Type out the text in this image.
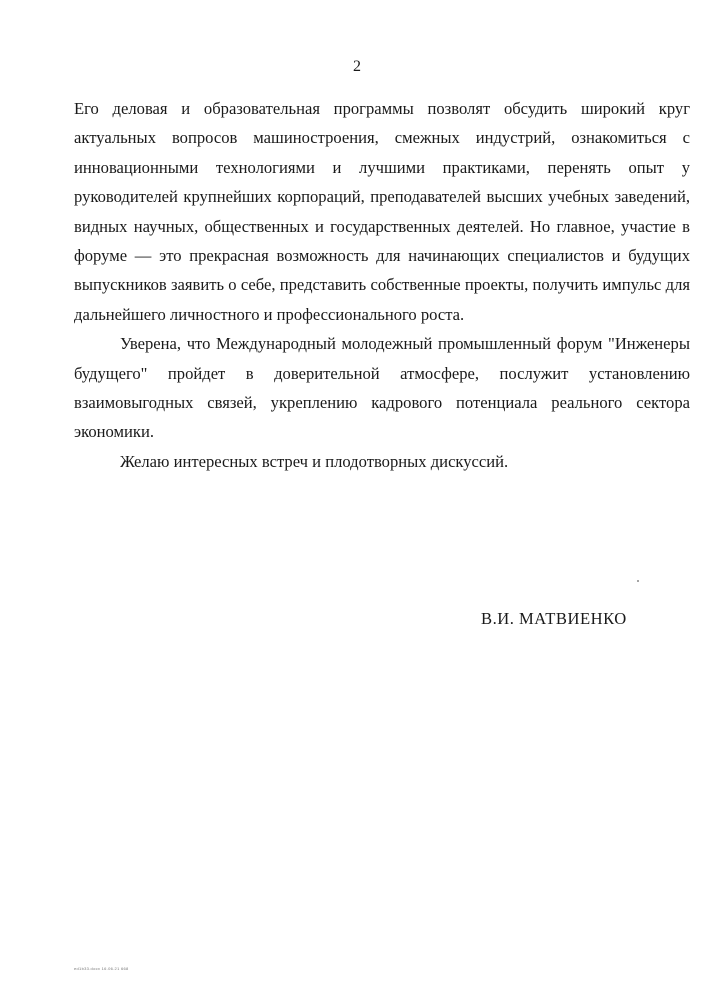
2

Его деловая и образовательная программы позволят обсудить широкий круг актуальных вопросов машиностроения, смежных индустрий, ознакомиться с инновационными технологиями и лучшими практиками, перенять опыт у руководителей крупнейших корпораций, преподавателей высших учебных заведений, видных научных, общественных и государственных деятелей. Но главное, участие в форуме — это прекрасная возможность для начинающих специалистов и будущих выпускников заявить о себе, представить собственные проекты, получить импульс для дальнейшего личностного и профессионального роста.

Уверена, что Международный молодежный промышленный форум "Инженеры будущего" пройдет в доверительной атмосфере, послужит установлению взаимовыгодных связей, укреплению кадрового потенциала реального сектора экономики.

Желаю интересных встреч и плодотворных дискуссий.

В.И. МАТВИЕНКО
ed1b33.docx 16.06.21 668
